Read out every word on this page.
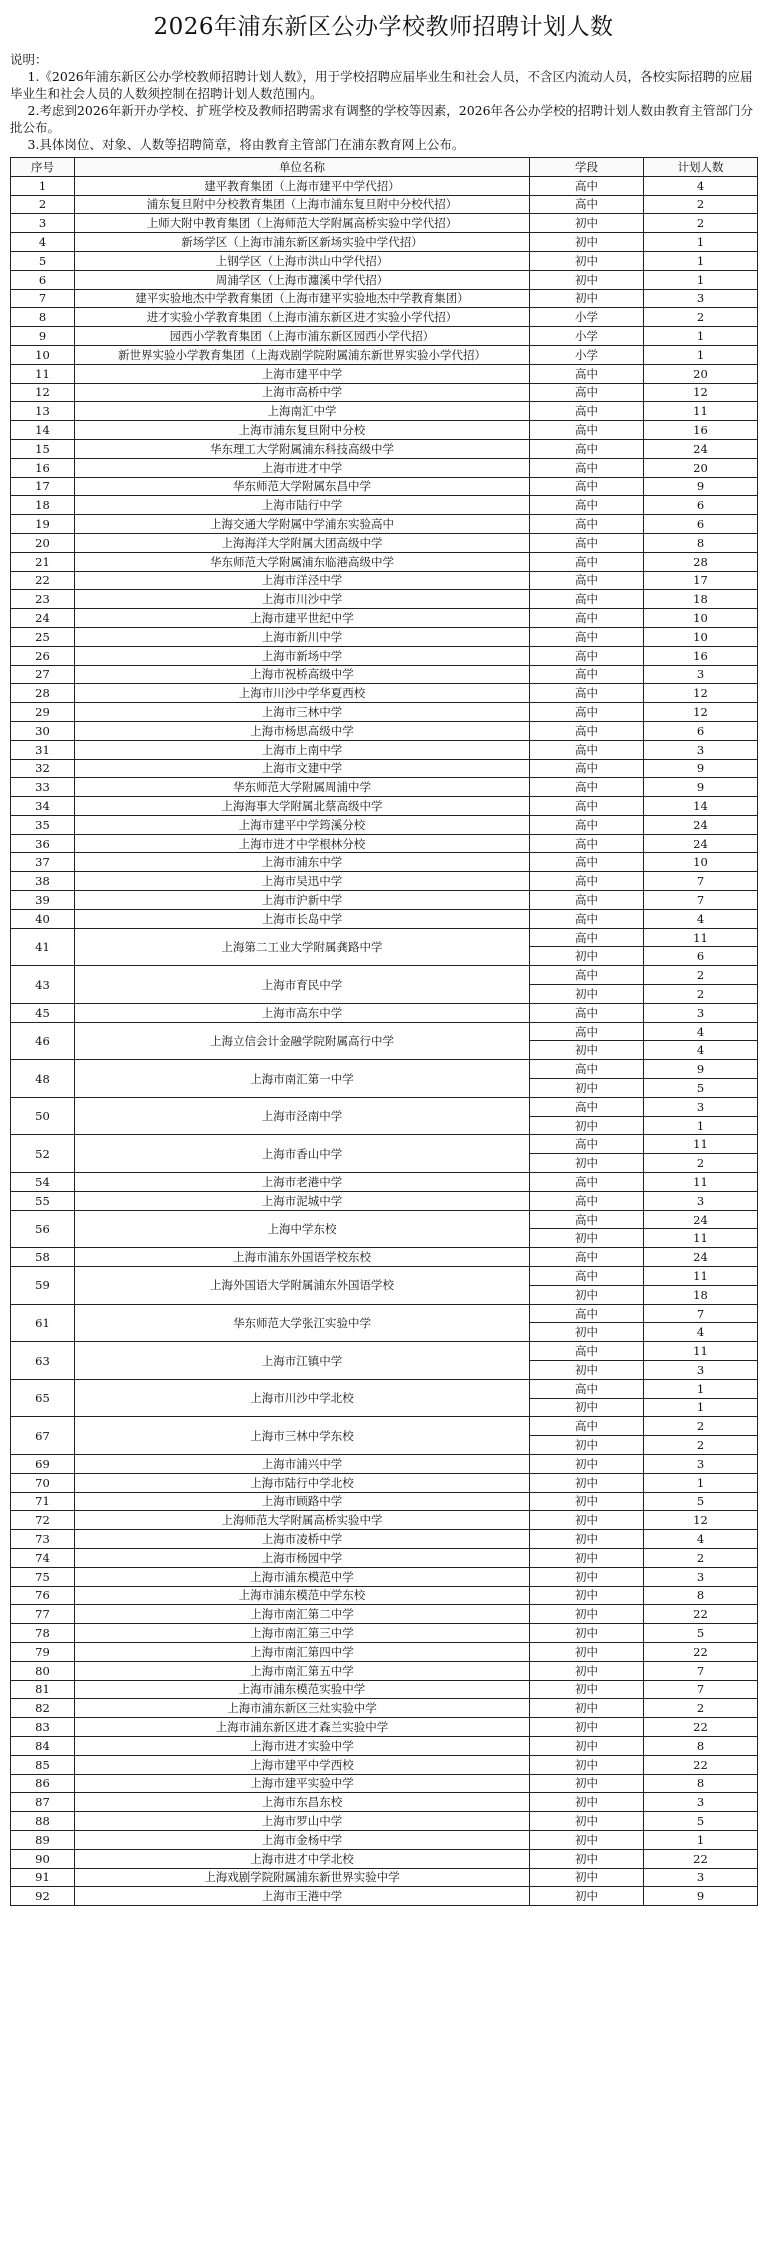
2026年浦东新区公办学校教师招聘计划人数

说明：

1.《2026年浦东新区公办学校教师招聘计划人数》，用于学校招聘应届毕业生和社会人员，不含区内流动人员，各校实际招聘的应届毕业生和社会人员的人数须控制在招聘计划人数范围内。

2.考虑到2026年新开办学校、扩班学校及教师招聘需求有调整的学校等因素，2026年各公办学校的招聘计划人数由教育主管部门分批公布。

3.具体岗位、对象、人数等招聘简章，将由教育主管部门在浦东教育网上公布。

序号	单位名称	学段	计划人数
1	建平教育集团（上海市建平中学代招）	高中	4
2	浦东复旦附中分校教育集团（上海市浦东复旦附中分校代招）	高中	2
3	上师大附中教育集团（上海师范大学附属高桥实验中学代招）	初中	2
4	新场学区（上海市浦东新区新场实验中学代招）	初中	1
5	上钢学区（上海市洪山中学代招）	初中	1
6	周浦学区（上海市瀍溪中学代招）	初中	1
7	建平实验地杰中学教育集团（上海市建平实验地杰中学教育集团）	初中	3
8	进才实验小学教育集团（上海市浦东新区进才实验小学代招）	小学	2
9	园西小学教育集团（上海市浦东新区园西小学代招）	小学	1
10	新世界实验小学教育集团（上海戏剧学院附属浦东新世界实验小学代招）	小学	1
11	上海市建平中学	高中	20
12	上海市高桥中学	高中	12
13	上海南汇中学	高中	11
14	上海市浦东复旦附中分校	高中	16
15	华东理工大学附属浦东科技高级中学	高中	24
16	上海市进才中学	高中	20
17	华东师范大学附属东昌中学	高中	9
18	上海市陆行中学	高中	6
19	上海交通大学附属中学浦东实验高中	高中	6
20	上海海洋大学附属大团高级中学	高中	8
21	华东师范大学附属浦东临港高级中学	高中	28
22	上海市洋泾中学	高中	17
23	上海市川沙中学	高中	18
24	上海市建平世纪中学	高中	10
25	上海市新川中学	高中	10
26	上海市新场中学	高中	16
27	上海市祝桥高级中学	高中	3
28	上海市川沙中学华夏西校	高中	12
29	上海市三林中学	高中	12
30	上海市杨思高级中学	高中	6
31	上海市上南中学	高中	3
32	上海市文建中学	高中	9
33	华东师范大学附属周浦中学	高中	9
34	上海海事大学附属北蔡高级中学	高中	14
35	上海市建平中学筠溪分校	高中	24
36	上海市进才中学根林分校	高中	24
37	上海市浦东中学	高中	10
38	上海市吴迅中学	高中	7
39	上海市沪新中学	高中	7
40	上海市长岛中学	高中	4
41	上海第二工业大学附属龚路中学	高中	11
		初中	6
43	上海市育民中学	高中	2
		初中	2
45	上海市高东中学	高中	3
46	上海立信会计金融学院附属高行中学	高中	4
		初中	4
48	上海市南汇第一中学	高中	9
		初中	5
50	上海市泾南中学	高中	3
		初中	1
52	上海市香山中学	高中	11
		初中	2
54	上海市老港中学	高中	11
55	上海市泥城中学	高中	3
56	上海中学东校	高中	24
		初中	11
58	上海市浦东外国语学校东校	高中	24
59	上海外国语大学附属浦东外国语学校	高中	11
		初中	18
61	华东师范大学张江实验中学	高中	7
		初中	4
63	上海市江镇中学	高中	11
		初中	3
65	上海市川沙中学北校	高中	1
		初中	1
67	上海市三林中学东校	高中	2
		初中	2
69	上海市浦兴中学	初中	3
70	上海市陆行中学北校	初中	1
71	上海市顾路中学	初中	5
72	上海师范大学附属高桥实验中学	初中	12
73	上海市凌桥中学	初中	4
74	上海市杨园中学	初中	2
75	上海市浦东模范中学	初中	3
76	上海市浦东模范中学东校	初中	8
77	上海市南汇第二中学	初中	22
78	上海市南汇第三中学	初中	5
79	上海市南汇第四中学	初中	22
80	上海市南汇第五中学	初中	7
81	上海市浦东模范实验中学	初中	7
82	上海市浦东新区三灶实验中学	初中	2
83	上海市浦东新区进才森兰实验中学	初中	22
84	上海市进才实验中学	初中	8
85	上海市建平中学西校	初中	22
86	上海市建平实验中学	初中	8
87	上海市东昌东校	初中	3
88	上海市罗山中学	初中	5
89	上海市金杨中学	初中	1
90	上海市进才中学北校	初中	22
91	上海戏剧学院附属浦东新世界实验中学	初中	3
92	上海市王港中学	初中	9
